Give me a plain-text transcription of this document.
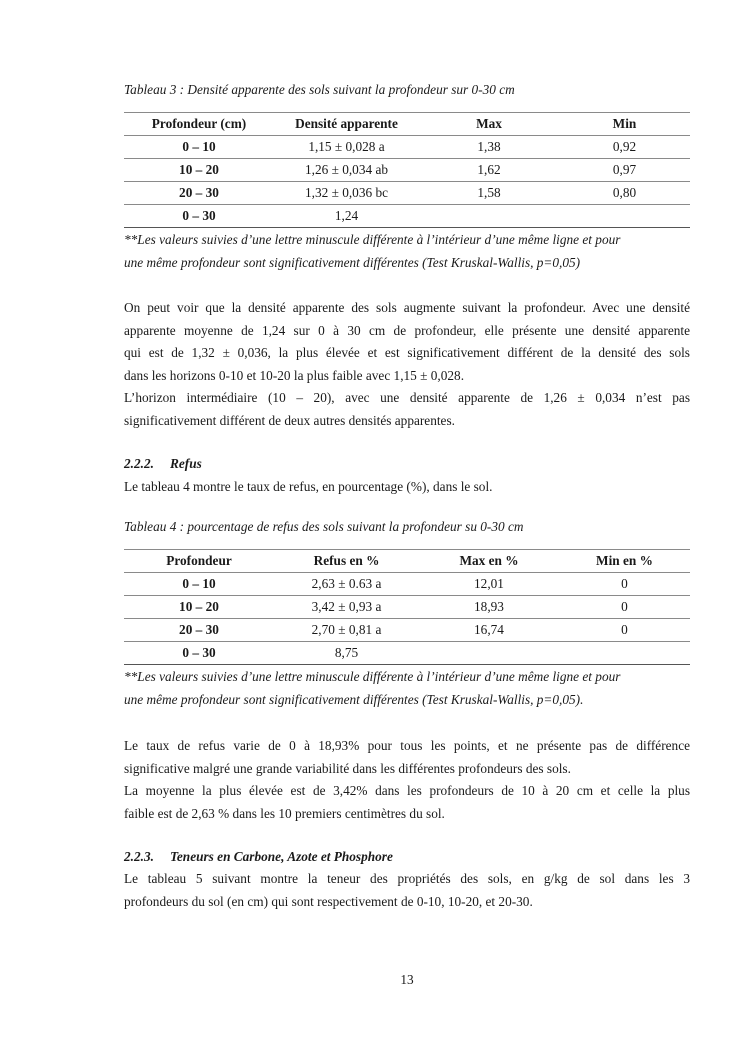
Tableau 3 : Densité apparente des sols suivant la profondeur sur 0-30 cm
Profondeur (cm)	Densité apparente	Max	Min
0 – 10	1,15 ± 0,028 a	1,38	0,92
10 – 20	1,26 ± 0,034 ab	1,62	0,97
20 – 30	1,32 ± 0,036 bc	1,58	0,80
0 – 30	1,24		
**Les valeurs suivies d’une lettre minuscule différente à l’intérieur d’une même ligne et pour
une même profondeur sont significativement différentes (Test Kruskal-Wallis, p=0,05)

On peut voir que la densité apparente des sols augmente suivant la profondeur. Avec une densité
apparente moyenne de 1,24 sur 0 à 30 cm de profondeur, elle présente une densité apparente
qui est de 1,32 ± 0,036, la plus élevée et est significativement différent de la densité des sols
dans les horizons 0-10 et 10-20 la plus faible avec 1,15 ± 0,028.
L’horizon intermédiaire (10 – 20), avec une densité apparente de 1,26 ± 0,034 n’est pas
significativement différent de deux autres densités apparentes.

2.2.2. Refus
Le tableau 4 montre le taux de refus, en pourcentage (%), dans le sol.
Tableau 4 : pourcentage de refus des sols suivant la profondeur su 0-30 cm
Profondeur	Refus en %	Max en %	Min en %
0 – 10	2,63 ± 0.63 a	12,01	0
10 – 20	3,42 ± 0,93 a	18,93	0
20 – 30	2,70 ± 0,81 a	16,74	0
0 – 30	8,75		
**Les valeurs suivies d’une lettre minuscule différente à l’intérieur d’une même ligne et pour
une même profondeur sont significativement différentes (Test Kruskal-Wallis, p=0,05).

Le taux de refus varie de 0 à 18,93% pour tous les points, et ne présente pas de différence
significative malgré une grande variabilité dans les différentes profondeurs des sols.
La moyenne la plus élevée est de 3,42% dans les profondeurs de 10 à 20 cm et celle la plus
faible est de 2,63 % dans les 10 premiers centimètres du sol.

2.2.3. Teneurs en Carbone, Azote et Phosphore

Le tableau 5 suivant montre la teneur des propriétés des sols, en g/kg de sol dans les 3
profondeurs du sol (en cm) qui sont respectivement de 0-10, 10-20, et 20-30.

13
